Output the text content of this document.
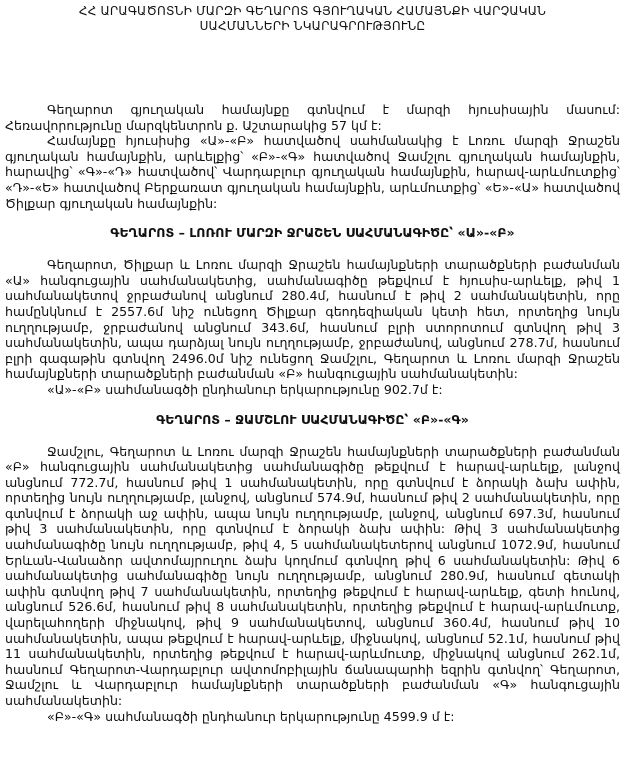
ՀՀ ԱՐԱԳԱԾՈՏՆԻ ՄԱՐԶԻ ԳԵՂԱՐՈՏ ԳՅՈՒՂԱԿԱՆ ՀԱՄԱՅՆՔԻ ՎԱՐՉԱԿԱՆ
ՍԱՀՄԱՆՆԵՐԻ ՆԿԱՐԱԳՐՈՒԹՅՈՒՆԸ

Գեղարոտ գյուղական համայնքը գտնվում է մարզի հյուսիսային մասում: Հեռավորությունը մարզկենտրոն ք. Աշտարակից 57 կմ է:

Համայնքը հյուսիսից «Ա»-«Բ» հատվածով սահմանակից է Լոռու մարզի Ջրաշեն գյուղական համայնքին, արևելքից՝ «Բ»-«Գ» հատվածով Ջամշլու գյուղական համայնքին, հարավից՝ «Գ»-«Դ» հատվածով՝ Վարդաբլուր գյուղական համայնքին, հարավ-արևմուտքից՝ «Դ»-«Ե» հատվածով Բերքառատ գյուղական համայնքին, արևմուտքից՝ «Ե»-«Ա» հատվածով Ծիլքար գյուղական համայնքին:

ԳԵՂԱՐՈՏ – ԼՈՌՈՒ ՄԱՐԶԻ ՋՐԱՇԵՆ ՍԱՀՄԱՆԱԳԻԾԸ՝ «Ա»-«Բ»

Գեղարոտ, Ծիլքար և Լոռու մարզի Ջրաշեն համայնքների տարածքների բաժանման «Ա» հանգուցային սահմանակետից, սահմանագիծը թեքվում է հյուսիս-արևելք, թիվ 1 սահմանակետով ջրբաժանով անցնում 280.4մ, հասնում է թիվ 2 սահմանակետին, որը համընկնում է 2557.6մ նիշ ունեցող Ծիլքար գեոդեզիական կետի հետ, որտեղից նույն ուղղությամբ, ջրբաժանով անցնում 343.6մ, հասնում բլրի ստորոտում գտնվող թիվ 3 սահմանակետին, ապա դարձյալ նույն ուղղությամբ, ջրբաժանով, անցնում 278.7մ, հասնում բլրի գագաթին գտնվող 2496.0մ նիշ ունեցող Ջամշլու, Գեղարոտ և Լոռու մարզի Ջրաշեն համայնքների տարածքների բաժանման «Բ» հանգուցային սահմանակետին:

«Ա»-«Բ» սահմանագծի ընդհանուր երկարությունը 902.7մ է:

ԳԵՂԱՐՈՏ – ՋԱՄՇԼՈՒ ՍԱՀՄԱՆԱԳԻԾԸ՝ «Բ»-«Գ»

Ջամշլու, Գեղարոտ և Լոռու մարզի Ջրաշեն համայնքների տարածքների բաժանման «Բ» հանգուցային սահմանակետից սահմանագիծը թեքվում է հարավ-արևելք, լանջով անցնում 772.7մ, հասնում թիվ 1 սահմանակետին, որը գտնվում է ձորակի ձախ ափին, որտեղից նույն ուղղությամբ, լանջով, անցնում 574.9մ, հասնում թիվ 2 սահմանակետին, որը գտնվում է ձորակի աջ ափին, ապա նույն ուղղությամբ, լանջով, անցնում 697.3մ, հասնում թիվ 3 սահմանակետին, որը գտնվում է ձորակի ձախ ափին: Թիվ 3 սահմանակետից սահմանագիծը նույն ուղղությամբ, թիվ 4, 5 սահմանակետերով անցնում 1072.9մ, հասնում Երևան-Վանաձոր ավտոմայրուղու ձախ կողմում գտնվող թիվ 6 սահմանակետին: Թիվ 6 սահմանակետից սահմանագիծը նույն ուղղությամբ, անցնում 280.9մ, հասնում գետակի ափին գտնվող թիվ 7 սահմանակետին, որտեղից թեքվում է հարավ-արևելք, գետի հունով, անցնում 526.6մ, հասնում թիվ 8 սահմանակետին, որտեղից թեքվում է հարավ-արևմուտք, վարելահողերի միջնակով, թիվ 9 սահմանակետով, անցնում 360.4մ, հասնում թիվ 10 սահմանակետին, ապա թեքվում է հարավ-արևելք, միջնակով, անցնում 52.1մ, հասնում թիվ 11 սահմանակետին, որտեղից թեքվում է հարավ-արևմուտք, միջնակով անցնում 262.1մ, հասնում Գեղարոտ-Վարդաբլուր ավտոմոբիլային ճանապարհի եզրին գտնվող՝ Գեղարոտ, Ջամշլու և Վարդաբլուր համայնքների տարածքների բաժանման «Գ» հանգուցային սահմանակետին:

«Բ»-«Գ» սահմանագծի ընդհանուր երկարությունը 4599.9 մ է:
